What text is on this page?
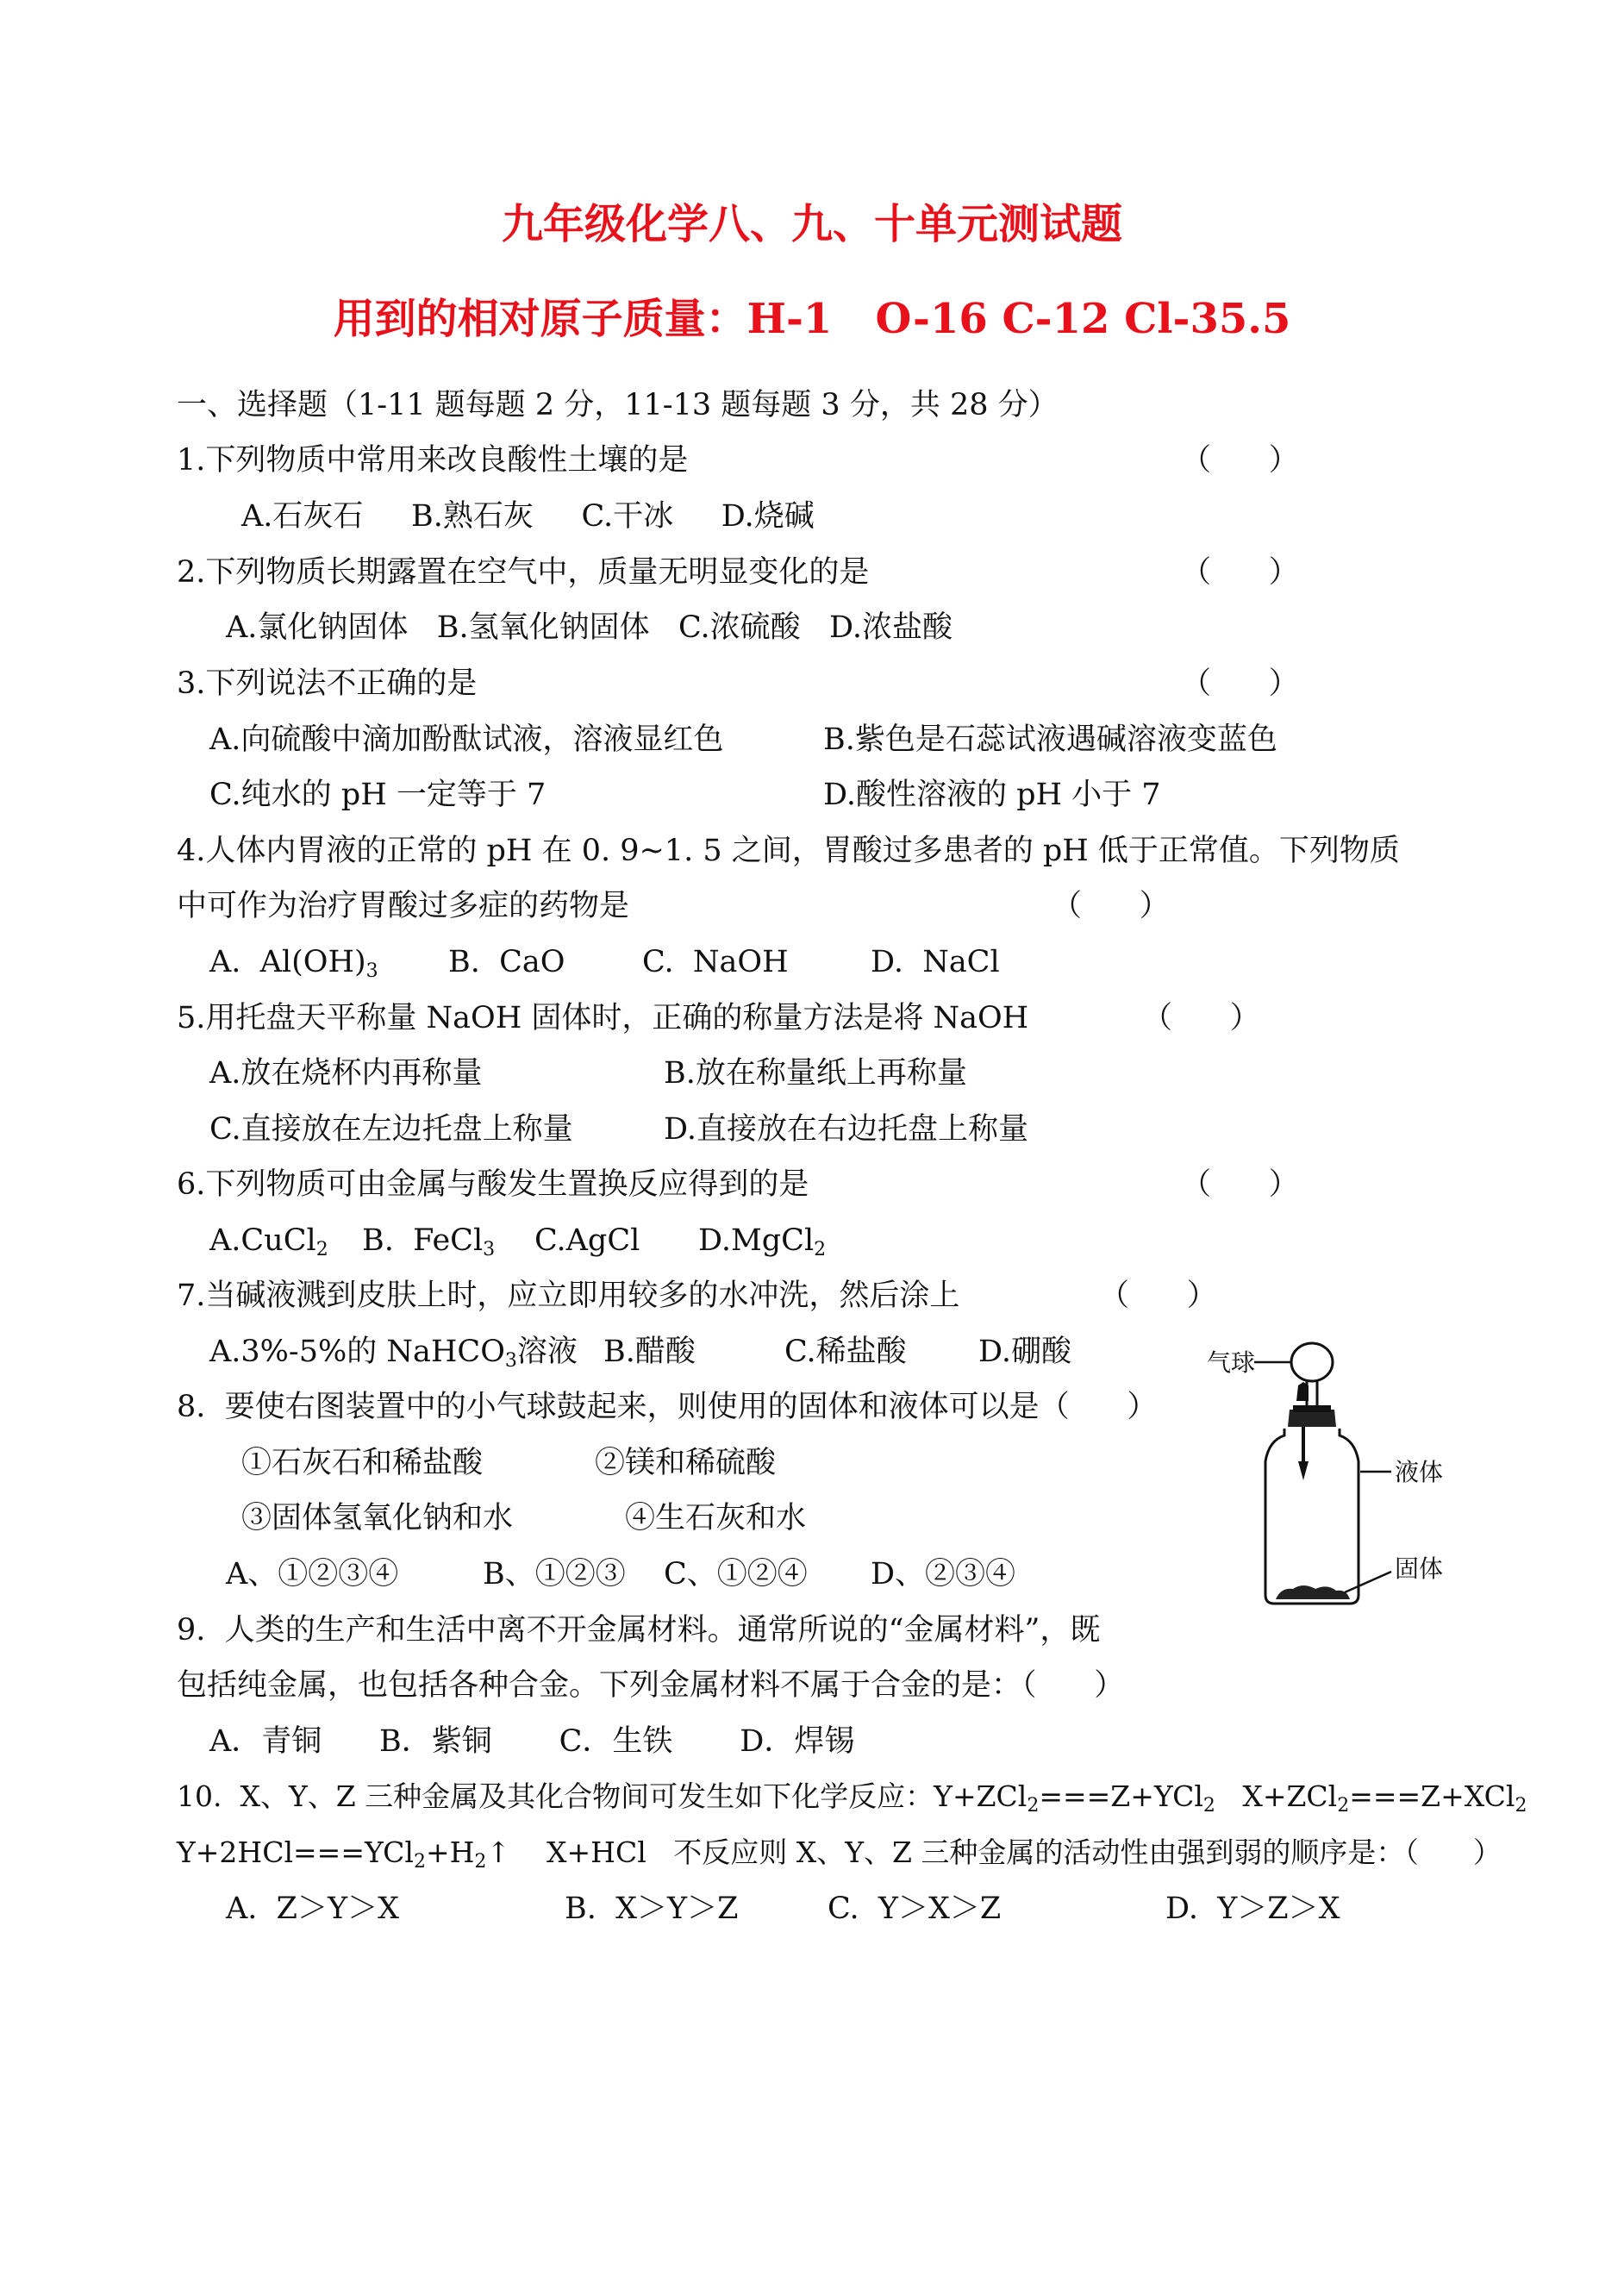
九年级化学八、九、十单元测试题
用到的相对原子质量：H-1   O-16 C-12 Cl-35.5
一、选择题（1-11 题每题 2 分，11-13 题每题 3 分，共 28 分）
1.下列物质中常用来改良酸性土壤的是	（      ）
A.石灰石     B.熟石灰     C.干冰     D.烧碱
2.下列物质长期露置在空气中，质量无明显变化的是	（      ）
A.氯化钠固体   B.氢氧化钠固体   C.浓硫酸   D.浓盐酸
3.下列说法不正确的是	（      ）
A.向硫酸中滴加酚酞试液，溶液显红色	B.紫色是石蕊试液遇碱溶液变蓝色
C.纯水的 pH 一定等于 7	D.酸性溶液的 pH 小于 7
4.人体内胃液的正常的 pH 在 0. 9~1. 5 之间，胃酸过多患者的 pH 低于正常值。下列物质
中可作为治疗胃酸过多症的药物是	（      ）
A.  $Al(OH)_3$ B.  CaO	C.  NaOH	D.  NaCl
5.用托盘天平称量 NaOH 固体时，正确的称量方法是将 NaOH	（      ）
A.放在烧杯内再称量	B.放在称量纸上再称量
C.直接放在左边托盘上称量	D.直接放在右边托盘上称量
6.下列物质可由金属与酸发生置换反应得到的是	（      ）
A.CuCl$_2$ B.  FeCl$_3$ C.AgCl D.MgCl$_2$
7.当碱液溅到皮肤上时，应立即用较多的水冲洗，然后涂上	（      ）
A.3%-5%的 NaHCO$_3$溶液 B.醋酸	C.稀盐酸 D.硼酸
8.  要使右图装置中的小气球鼓起来，则使用的固体和液体可以是（      ）
①石灰石和稀盐酸	②镁和稀硫酸
③固体氢氧化钠和水	④生石灰和水
A、①②③④	B、①②③ C、①②④ D、②③④
气球
液体
固体
9.  人类的生产和生活中离不开金属材料。通常所说的“金属材料”，既
包括纯金属，也包括各种合金。下列金属材料不属于合金的是：（      ）
A．青铜      B．紫铜       C．生铁       D．焊锡
10.  X、Y、Z 三种金属及其化合物间可发生如下化学反应：Y+ZCl$_2$===Z+YCl$_2$   X+ZCl$_2$===Z+XCl$_2$
$Y+2HCl===YCl_2+H_2↑$    X+HCl   不反应则 X、Y、Z 三种金属的活动性由强到弱的顺序是：（      ）
A.  Z＞Y＞X	B.  X＞Y＞Z	C.  Y＞X＞Z	D.  Y＞Z＞X
